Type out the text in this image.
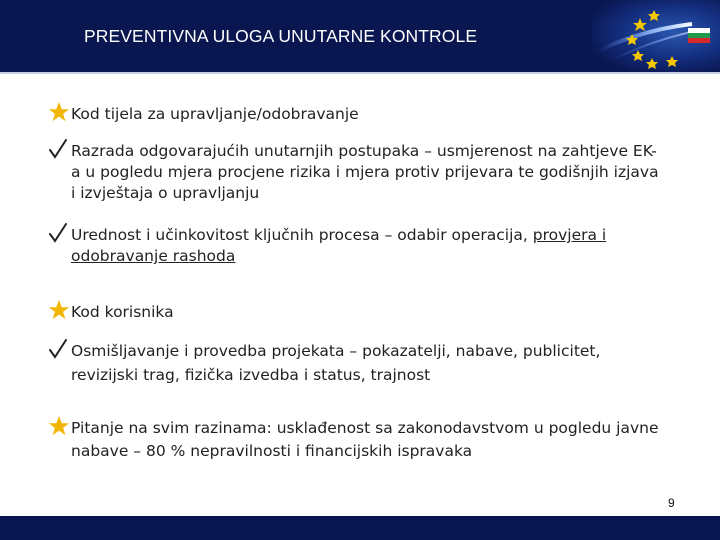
PREVENTIVNA ULOGA UNUTARNE KONTROLE
Kod tijela za upravljanje/odobravanje
Razrada odgovarajućih unutarnjih postupaka – usmjerenost na zahtjeve EK-
a u pogledu mjera procjene rizika i mjera protiv prijevara te godišnjih izjava
i izvještaja o upravljanju
Urednost i učinkovitost ključnih procesa – odabir operacija, provjera i
odobravanje rashoda
Kod korisnika
Osmišljavanje i provedba projekata – pokazatelji, nabave, publicitet,
revizijski trag, fizička izvedba i status, trajnost
Pitanje na svim razinama: usklađenost sa zakonodavstvom u pogledu javne
nabave – 80 % nepravilnosti i financijskih ispravaka
9
